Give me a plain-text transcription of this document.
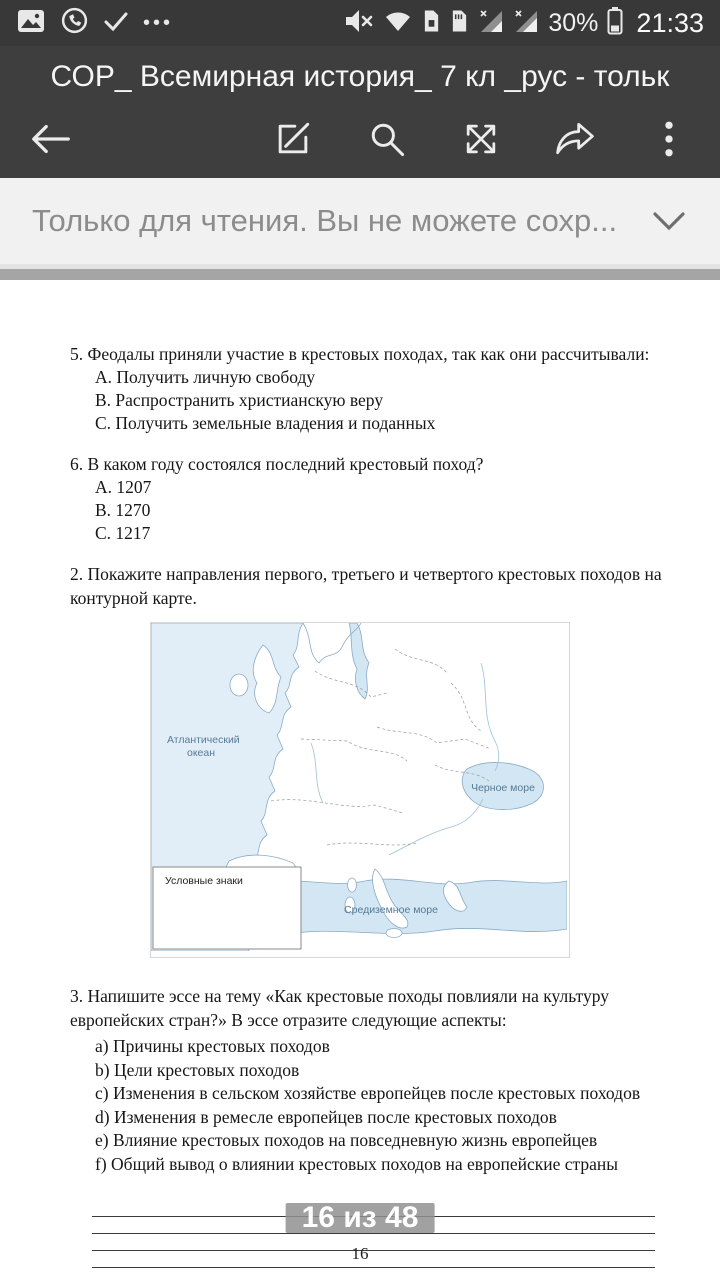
•••	30% 21:33
СОР_ Всемирная история_ 7 кл _рус - тольк
Только для чтения. Вы не можете сохр...

5. Феодалы приняли участие в крестовых походах, так как они рассчитывали:

A. Получить личную свободу
B. Распространить христианскую веру
C. Получить земельные владения и поданных

6. В каком году состоялся последний крестовый поход?

A. 1207
B. 1270
C. 1217

2. Покажите направления первого, третьего и четвертого крестовых походов на контурной карте.

Атлантический
океан
Черное море
Средиземное море
Условные знаки

3. Напишите эссе на тему «Как крестовые походы повлияли на культуру европейских стран?» В эссе отразите следующие аспекты:

a) Причины крестовых походов
b) Цели крестовых походов
c) Изменения в сельском хозяйстве европейцев после крестовых походов
d) Изменения в ремесле европейцев после крестовых походов
e) Влияние крестовых походов на повседневную жизнь европейцев
f) Общий вывод о влиянии крестовых походов на европейские страны
16 из 48
16
